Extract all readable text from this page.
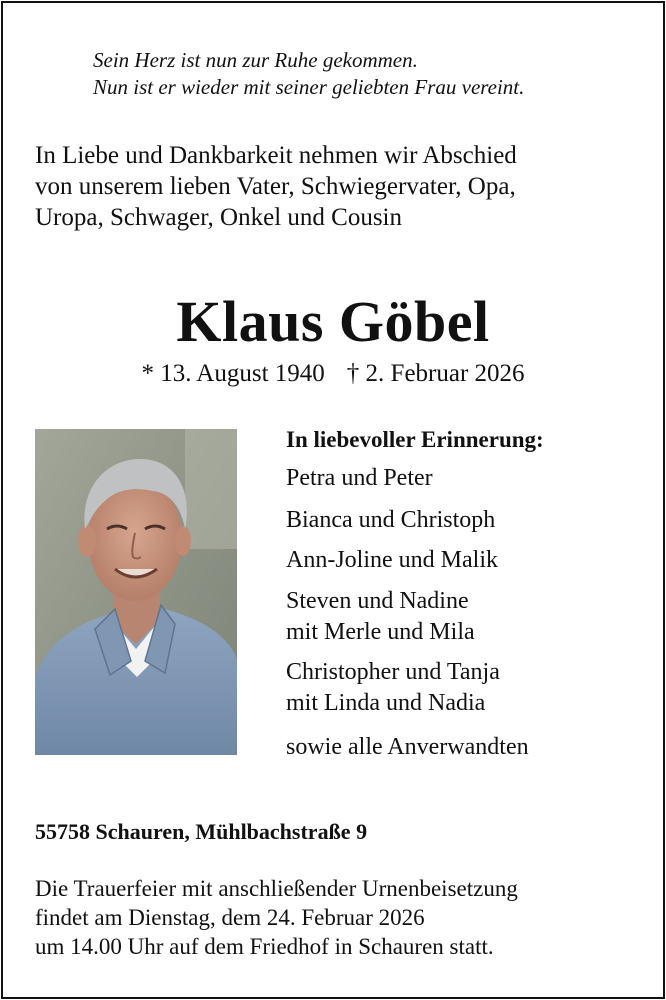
Sein Herz ist nun zur Ruhe gekommen.
Nun ist er wieder mit seiner geliebten Frau vereint.
In Liebe und Dankbarkeit nehmen wir Abschied
von unserem lieben Vater, Schwiegervater, Opa,
Uropa, Schwager, Onkel und Cousin
Klaus Göbel
* 13. August 1940 † 2. Februar 2026
In liebevoller Erinnerung:
Petra und Peter
Bianca und Christoph
Ann-Joline und Malik
Steven und Nadine
mit Merle und Mila
Christopher und Tanja
mit Linda und Nadia
sowie alle Anverwandten
55758 Schauren, Mühlbachstraße 9
Die Trauerfeier mit anschließender Urnenbeisetzung
findet am Dienstag, dem 24. Februar 2026
um 14.00 Uhr auf dem Friedhof in Schauren statt.
